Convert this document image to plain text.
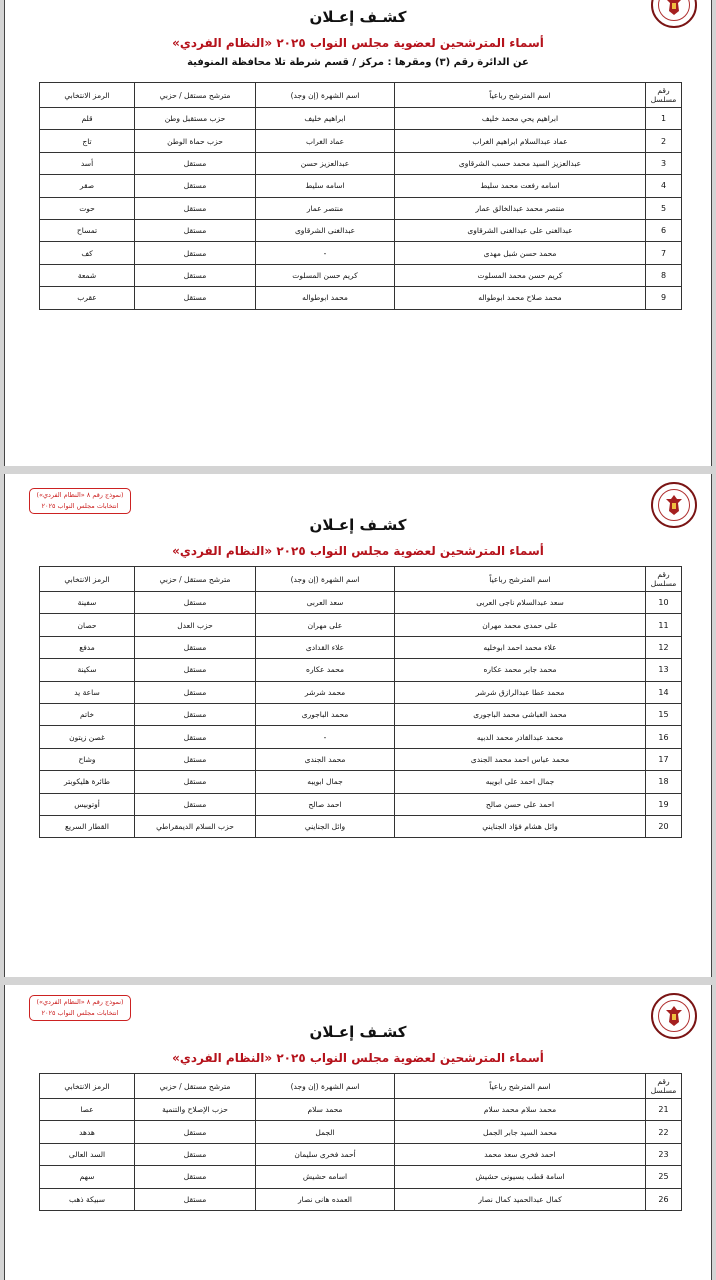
كشـف إعـلان
أسماء المترشحين لعضوية مجلس النواب ٢٠٢٥ «النظام الفردي»
عن الدائرة رقم (٣) ومقرها : مركز / قسم شرطة تلا محافظة المنوفية
رقم مسلسل	اسم المترشح رباعياً	اسم الشهرة (إن وجد)	مترشح مستقل / حزبي	الرمز الانتخابي
1	ابراهيم يحي محمد خليف	ابراهيم خليف	حزب مستقبل وطن	قلم
2	عماد عبدالسلام ابراهيم الغراب	عماد الغراب	حزب حماة الوطن	تاج
3	عبدالعزيز السيد محمد حسب الشرقاوى	عبدالعزيز حسن	مستقل	أسد
4	اسامه رفعت محمد سليط	اسامه سليط	مستقل	صقر
5	منتصر محمد عبدالخالق عمار	منتصر عمار	مستقل	حوت
6	عبدالغنى على عبدالغنى الشرقاوى	عبدالغنى الشرقاوى	مستقل	تمساح
7	محمد حسن شبل مهدى	-	مستقل	كف
8	كريم حسن محمد المسلوت	كريم حسن المسلوت	مستقل	شمعة
9	محمد صلاح محمد ابوطواله	محمد ابوطواله	مستقل	عقرب
(نموذج رقم ٨ «النظام الفردي»)
انتخابات مجلس النواب ٢٠٢٥
كشـف إعـلان
أسماء المترشحين لعضوية مجلس النواب ٢٠٢٥ «النظام الفردي»
رقم مسلسل	اسم المترشح رباعياً	اسم الشهرة (إن وجد)	مترشح مستقل / حزبي	الرمز الانتخابي
10	سعد عبدالسلام ناجى العربى	سعد العربى	مستقل	سفينة
11	على حمدى محمد مهران	على مهران	حزب العدل	حصان
12	علاء محمد احمد ابوخليه	علاء القدادى	مستقل	مدفع
13	محمد جابر محمد عكاره	محمد عكاره	مستقل	سكينة
14	محمد عطا عبدالرازق شرشر	محمد شرشر	مستقل	ساعة يد
15	محمد الغباشى محمد الباجورى	محمد الباجورى	مستقل	خاتم
16	محمد عبدالقادر محمد الدبيه	-	مستقل	غصن زيتون
17	محمد عباس احمد محمد الجندى	محمد الجندى	مستقل	وشاح
18	جمال احمد على ابويبه	جمال ابويبه	مستقل	طائرة هليكوبتر
19	احمد على حسن صالح	احمد صالح	مستقل	أوتوبيس
20	وائل هشام فؤاد الجنايني	وائل الجنايني	حزب السلام الديمقراطي	القطار السريع
(نموذج رقم ٨ «النظام الفردي»)
انتخابات مجلس النواب ٢٠٢٥
كشـف إعـلان
أسماء المترشحين لعضوية مجلس النواب ٢٠٢٥ «النظام الفردي»
رقم مسلسل	اسم المترشح رباعياً	اسم الشهرة (إن وجد)	مترشح مستقل / حزبي	الرمز الانتخابي
21	محمد سلام محمد سلام	محمد سلام	حزب الإصلاح والتنمية	عصا
22	محمد السيد جابر الجمل	الجمل	مستقل	هدهد
23	احمد فخرى سعد محمد	أحمد فخرى سليمان	مستقل	السد العالى
25	اسامة قطب بسيونى حشيش	اسامه حشيش	مستقل	سهم
26	كمال عبدالحميد كمال نصار	العمده هانى نصار	مستقل	سبيكة ذهب
